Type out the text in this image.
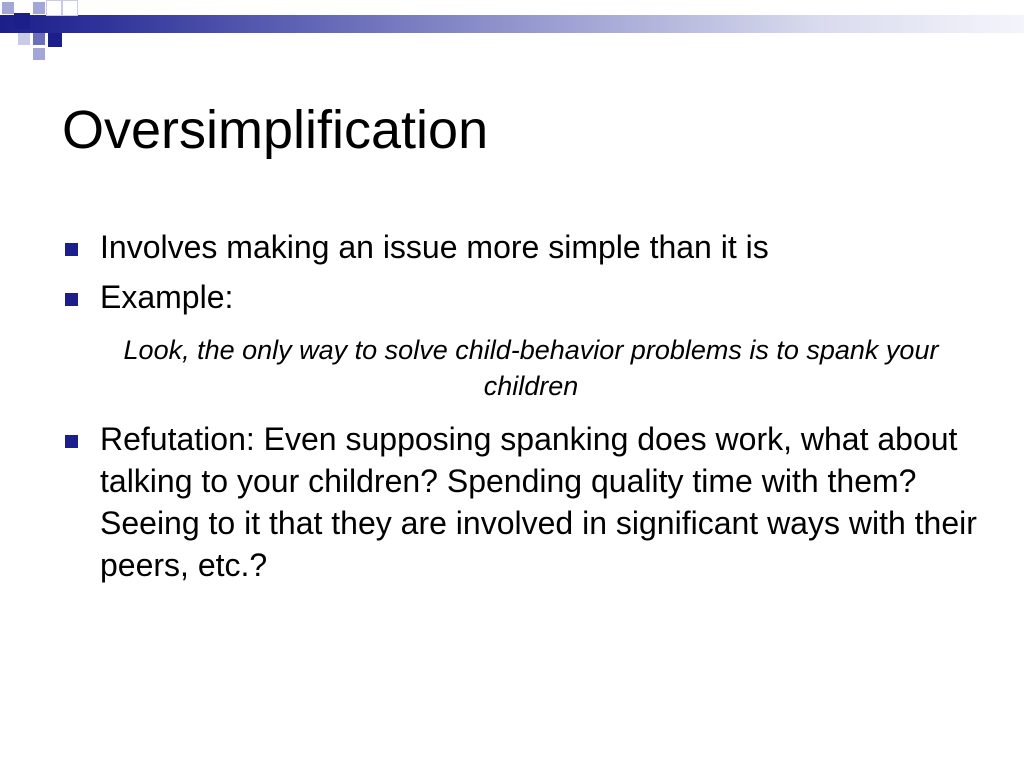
Oversimplification
Involves making an issue more simple than it is
Example:
Look, the only way to solve child-behavior problems is to spank your children
Refutation: Even supposing spanking does work, what about talking to your children? Spending quality time with them? Seeing to it that they are involved in significant ways with their peers, etc.?
